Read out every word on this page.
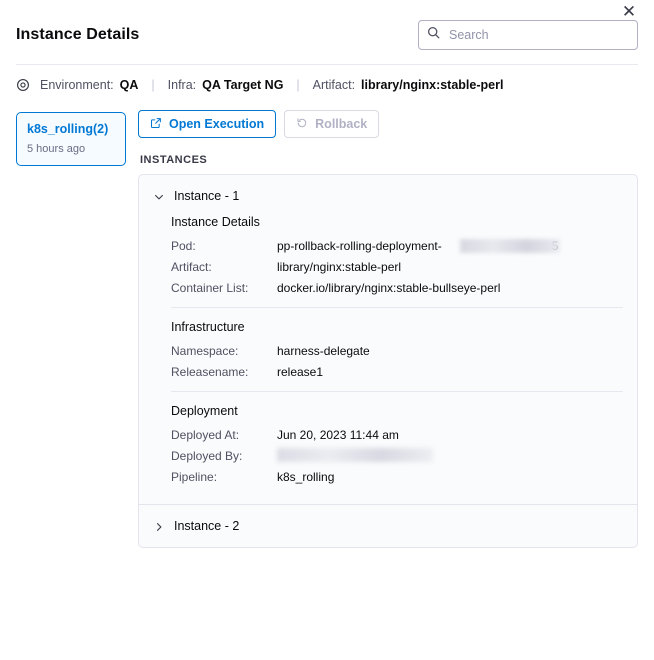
✕
Instance Details
Search
Environment: QA | Infra: QA Target NG | Artifact: library/nginx:stable-perl
k8s_rolling(2)
5 hours ago
Open Execution	Rollback
INSTANCES
Instance - 1
Instance Details
Pod:	pp-rollback-rolling-deployment-
Artifact:	library/nginx:stable-perl
Container List:	docker.io/library/nginx:stable-bullseye-perl
Infrastructure
Namespace:	harness-delegate
Releasename:	release1
Deployment
Deployed At:	Jun 20, 2023 11:44 am
Deployed By:
Pipeline:	k8s_rolling
Instance - 2
